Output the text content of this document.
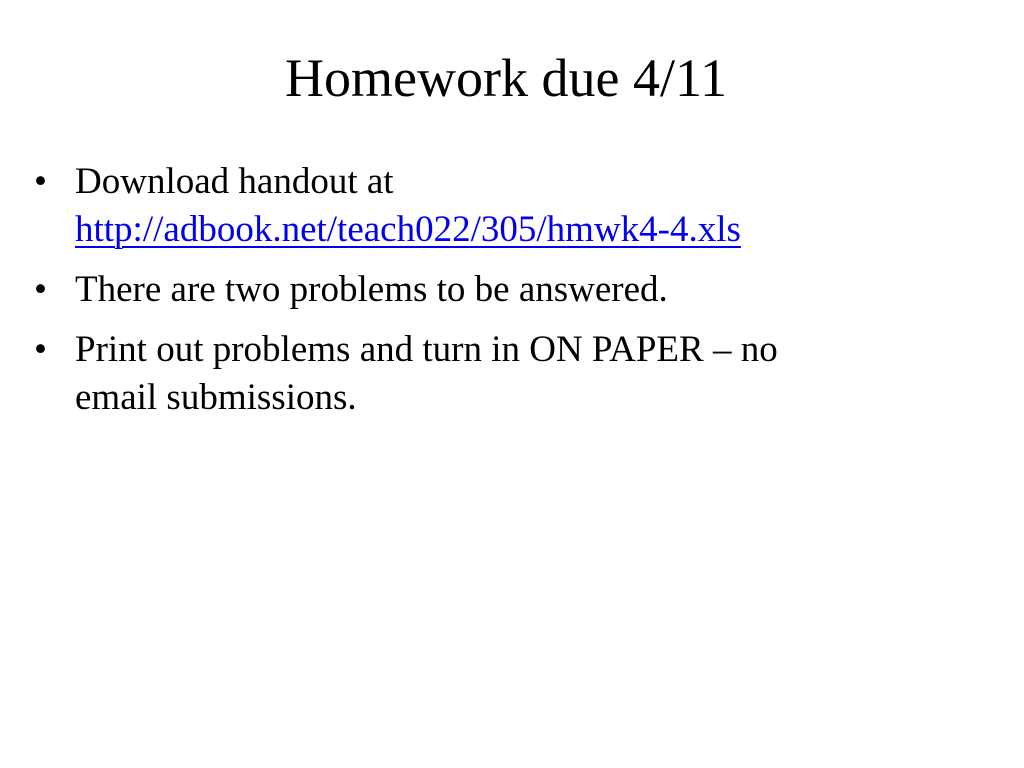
Homework due 4/11
• Download handout at
http://adbook.net/teach022/305/hmwk4-4.xls
• There are two problems to be answered.
• Print out problems and turn in ON PAPER – no
email submissions.
